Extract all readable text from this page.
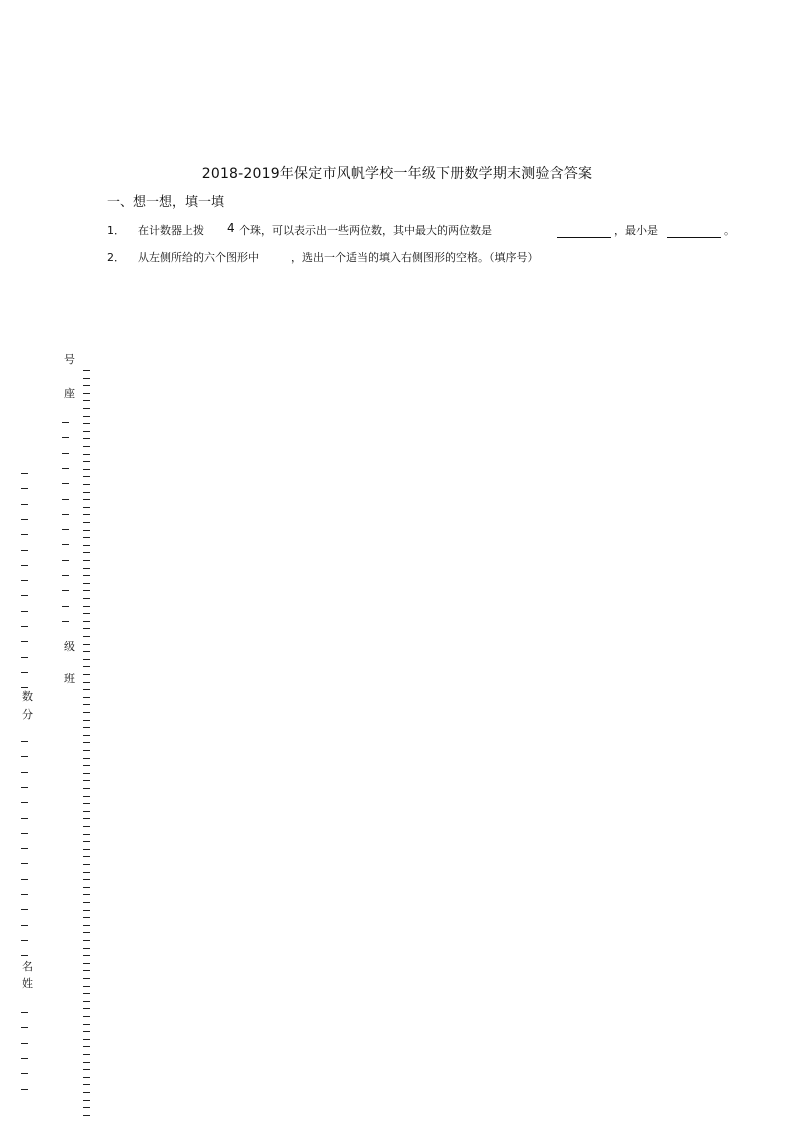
2018-2019年保定市风帆学校一年级下册数学期末测验含答案
一、想一想，填一填
1． 在计数器上拨 4 个珠，可以表示出一些两位数，其中最大的两位数是	，最小是	。
2． 从左侧所给的六个图形中	，选出一个适当的填入右侧图形的空格。（填序号）
号
座
级
班
数
分
名
姓
